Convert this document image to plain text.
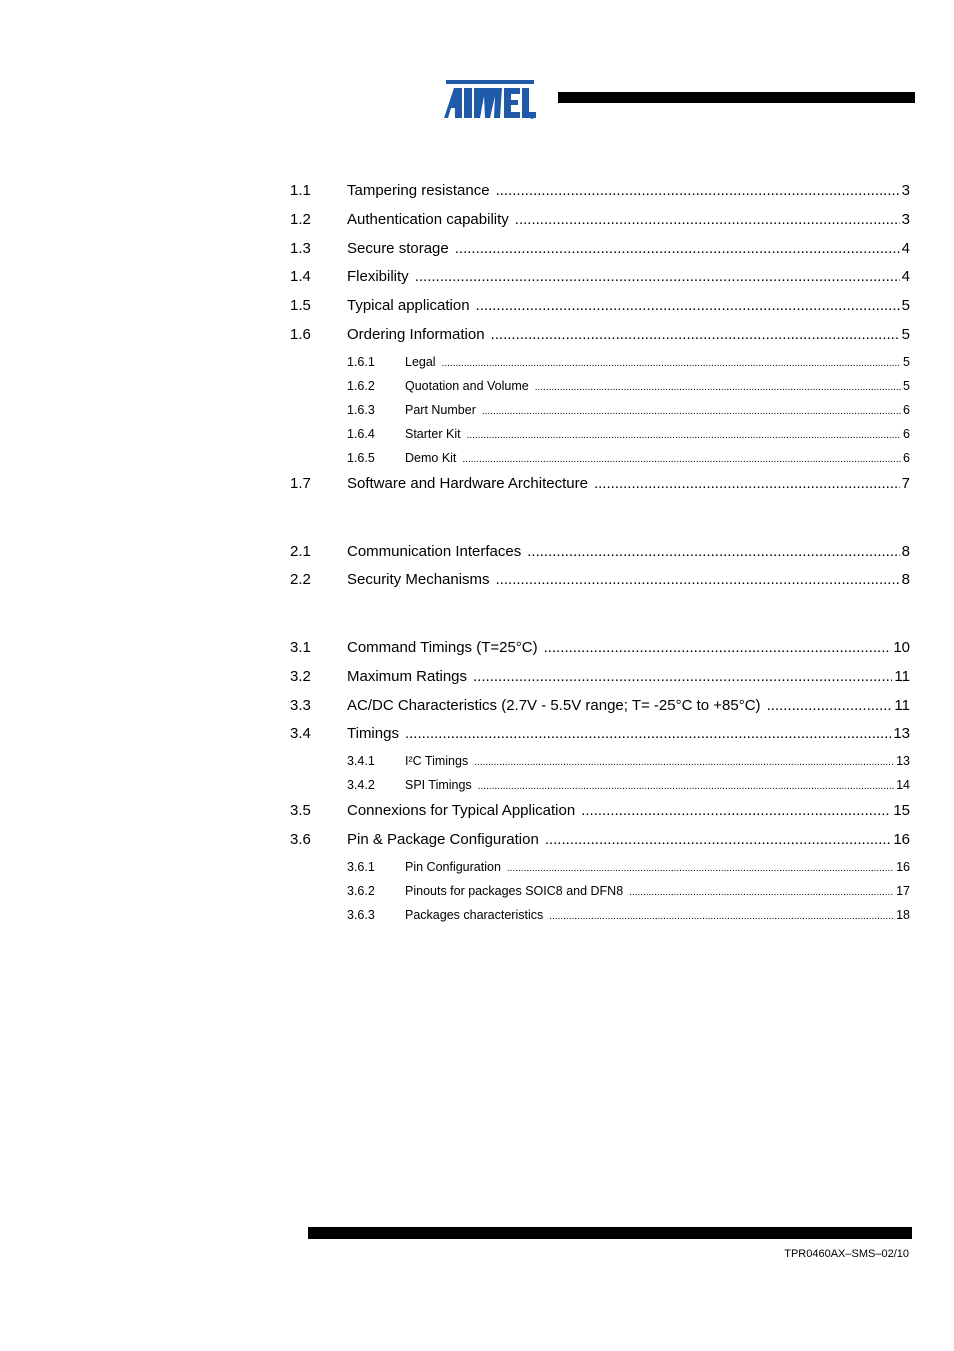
1.1	Tampering resistance .....	3
1.2	Authentication capability .....	3
1.3	Secure storage .....	4
1.4	Flexibility .....	4
1.5	Typical application .....	5
1.6	Ordering Information .....	5
1.6.1	Legal .....	5
1.6.2	Quotation and Volume .....	5
1.6.3	Part Number .....	6
1.6.4	Starter Kit .....	6
1.6.5	Demo Kit .....	6
1.7	Software and Hardware Architecture .....	7
2.1	Communication Interfaces .....	8
2.2	Security Mechanisms .....	8
3.1	Command Timings (T=25°C) .....	10
3.2	Maximum Ratings .....	11
3.3	AC/DC Characteristics (2.7V - 5.5V range; T= -25°C to +85°C) .....	11
3.4	Timings .....	13
3.4.1	I²C Timings .....	13
3.4.2	SPI Timings .....	14
3.5	Connexions for Typical Application .....	15
3.6	Pin & Package Configuration .....	16
3.6.1	Pin Configuration .....	16
3.6.2	Pinouts for packages SOIC8 and DFN8 .....	17
3.6.3	Packages characteristics .....	18
TPR0460AX–SMS–02/10
